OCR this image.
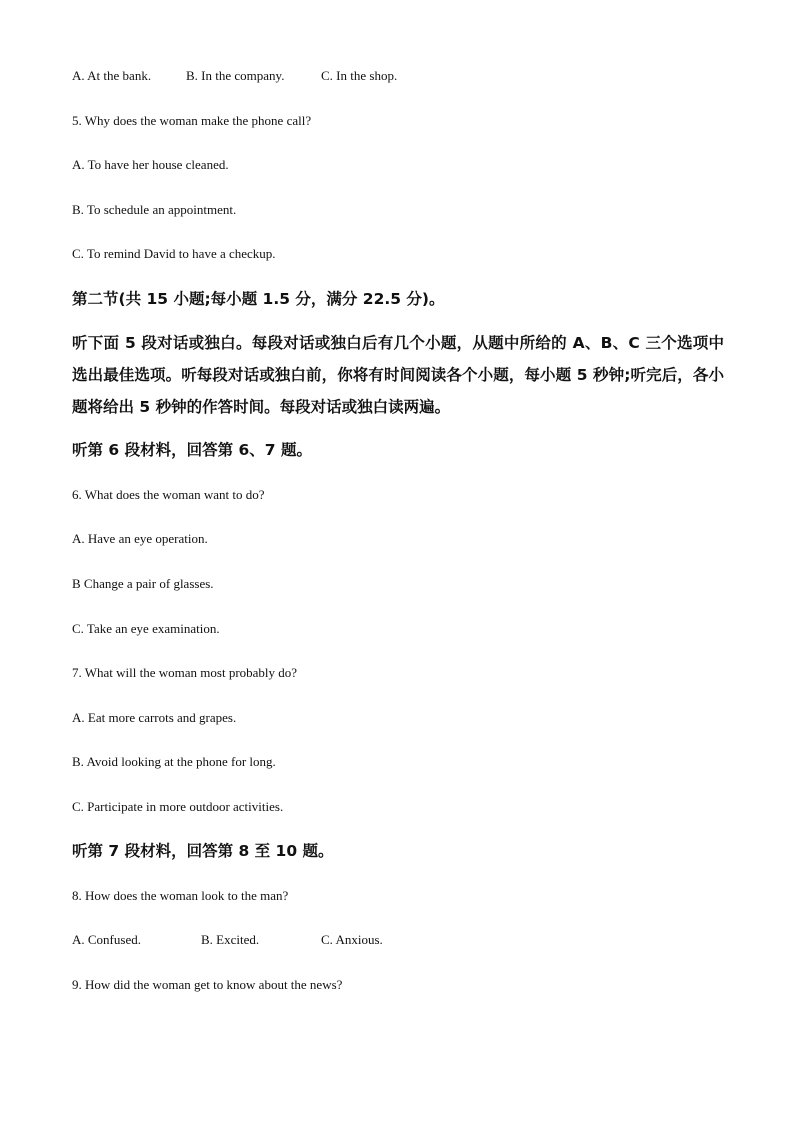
A. At the bank.	B. In the company.	C. In the shop.
5. Why does the woman make the phone call?
A. To have her house cleaned.
B. To schedule an appointment.
C. To remind David to have a checkup.
第二节(共 15 小题;每小题 1.5 分，满分 22.5 分)。
听下面 5 段对话或独白。每段对话或独白后有几个小题，从题中所给的 A、B、C 三个选项中选出最佳选项。听每段对话或独白前，你将有时间阅读各个小题，每小题 5 秒钟;听完后，各小题将给出 5 秒钟的作答时间。每段对话或独白读两遍。
听第 6 段材料，回答第 6、7 题。
6. What does the woman want to do?
A. Have an eye operation.
B Change a pair of glasses.
C. Take an eye examination.
7. What will the woman most probably do?
A. Eat more carrots and grapes.
B. Avoid looking at the phone for long.
C. Participate in more outdoor activities.
听第 7 段材料，回答第 8 至 10 题。
8. How does the woman look to the man?
A. Confused.	B. Excited.	C. Anxious.
9. How did the woman get to know about the news?
